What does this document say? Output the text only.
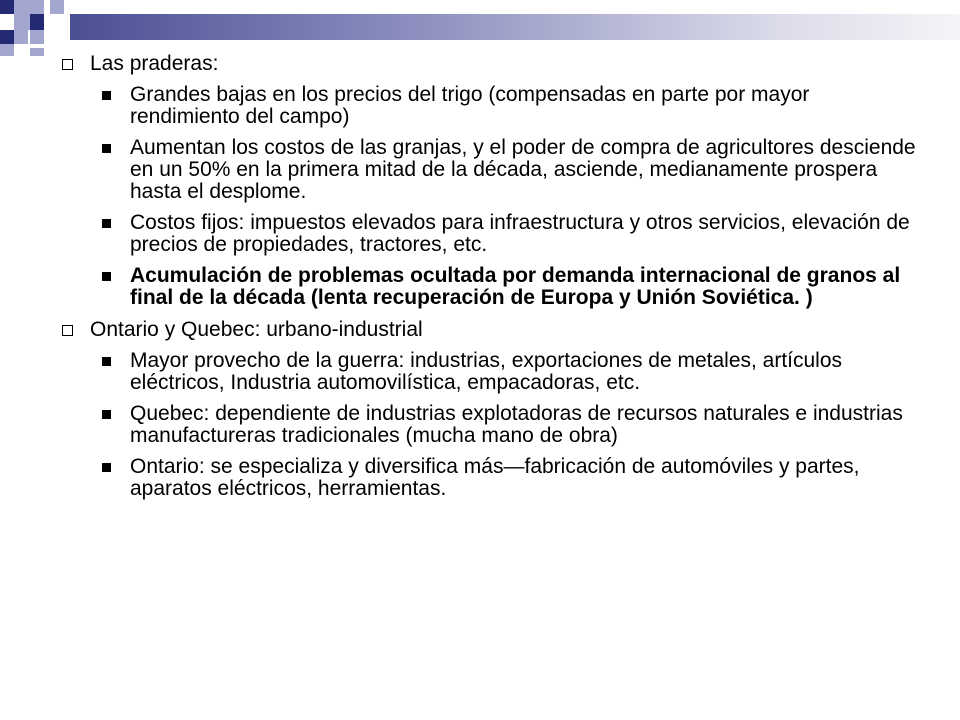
Las praderas:
Grandes bajas en los precios del trigo (compensadas en parte por mayor rendimiento del campo)
Aumentan los costos de las granjas, y el poder de compra de agricultores desciende en un 50% en la primera mitad de la década, asciende, medianamente prospera hasta el desplome.
Costos fijos: impuestos elevados para infraestructura y otros servicios, elevación de precios de propiedades, tractores, etc.
Acumulación de problemas ocultada por demanda internacional de granos al final de la década (lenta recuperación de Europa y Unión Soviética. )
Ontario y Quebec: urbano-industrial
Mayor provecho de la guerra: industrias, exportaciones de metales, artículos eléctricos, Industria automovilística, empacadoras, etc.
Quebec: dependiente de industrias explotadoras de recursos naturales e industrias manufactureras tradicionales (mucha mano de obra)
Ontario: se especializa y diversifica más—fabricación de automóviles y partes, aparatos eléctricos, herramientas.
